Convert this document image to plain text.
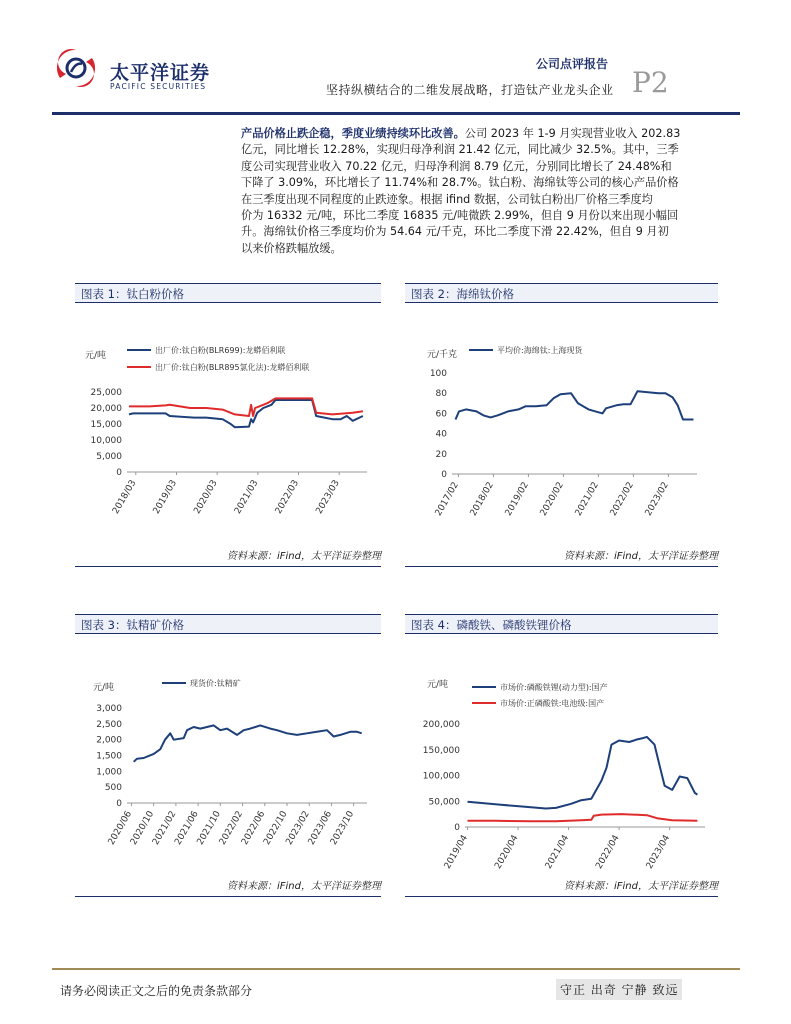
太平洋证券
PACIFIC SECURITIES
公司点评报告
坚持纵横结合的二维发展战略，打造钛产业龙头企业 P2
产品价格止跌企稳，季度业绩持续环比改善。公司 2023 年 1-9 月实现营业收入 202.83
亿元，同比增长 12.28%，实现归母净利润 21.42 亿元，同比减少 32.5%。其中，三季
度公司实现营业收入 70.22 亿元，归母净利润 8.79 亿元，分别同比增长了 24.48%和
下降了 3.09%，环比增长了 11.74%和 28.7%。钛白粉、海绵钛等公司的核心产品价格
在三季度出现不同程度的止跌迹象。根据 ifind 数据，公司钛白粉出厂价格三季度均
价为 16332 元/吨，环比二季度 16835 元/吨微跌 2.99%，但自 9 月份以来出现小幅回
升。海绵钛价格三季度均价为 54.64 元/千克，环比二季度下滑 22.42%，但自 9 月初
以来价格跌幅放缓。
图表 1：钛白粉价格
元/吨
25,000
20,000
15,000
10,000
5,000
0
2018/03 2019/03 2020/03 2021/03 2022/03 2023/03
出厂价:钛白粉(BLR699):龙蟒佰利联
出厂价:钛白粉(BLR895氯化法):龙蟒佰利联
资料来源：iFind，太平洋证券整理
图表 2：海绵钛价格
元/千克
100
80
60
40
20
0
2017/02 2018/02 2019/02 2020/02 2021/02 2022/02 2023/02
平均价:海绵钛:上海现货
资料来源：iFind，太平洋证券整理
图表 3：钛精矿价格
元/吨
3,000
2,500
2,000
1,500
1,000
500
0
2020/06
2020/10
2021/02
2021/06
2021/10
2022/02
2022/06
2022/10
2023/02
2023/06
2023/10
现货价:钛精矿
资料来源：iFind，太平洋证券整理
图表 4：磷酸铁、磷酸铁锂价格
元/吨
200,000
150,000
100,000
50,000
0
2019/04	2020/04	2021/04	2022/04	2023/04
市场价:磷酸铁锂(动力型):国产
市场价:正磷酸铁:电池级:国产
资料来源：iFind，太平洋证券整理
请务必阅读正文之后的免责条款部分	守正 出奇 宁静 致远
